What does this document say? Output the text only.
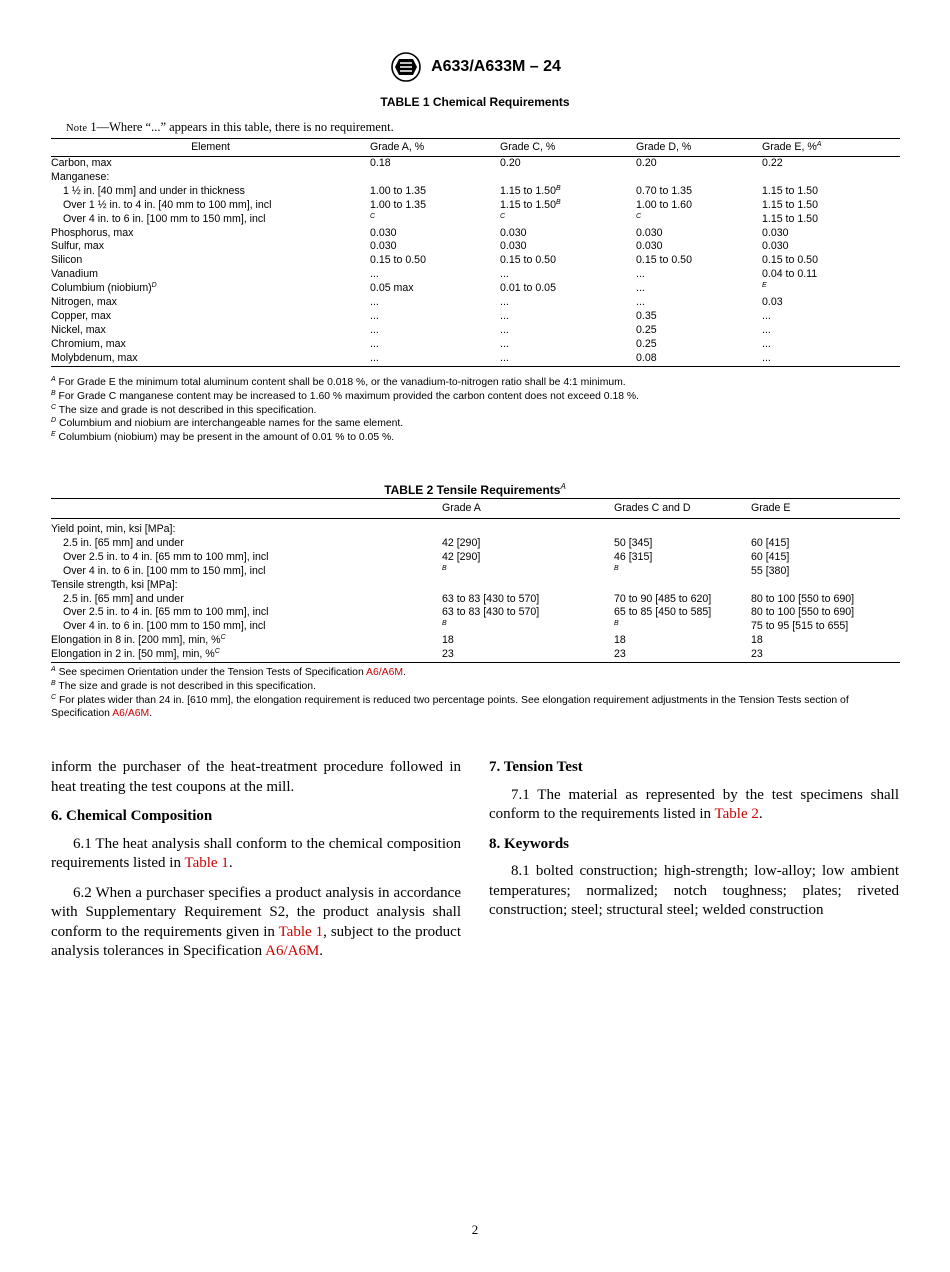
A633/A633M – 24
TABLE 1 Chemical Requirements
Note 1—Where “...” appears in this table, there is no requirement.
Element	Grade A, %	Grade C, %	Grade D, %	Grade E, %$^A$
Carbon, max	0.18	0.20	0.20	0.22
Manganese:				
1 ½ in. [40 mm] and under in thickness	1.00 to 1.35	1.15 to $1.50^B$	0.70 to 1.35	1.15 to 1.50
Over 1 ½ in. to 4 in. [40 mm to 100 mm], incl	1.00 to 1.35	1.15 to $1.50^B$	1.00 to 1.60	1.15 to 1.50
Over 4 in. to 6 in. [100 mm to 150 mm], incl	$^C$	$^C$	$^C$	1.15 to 1.50
Phosphorus, max	0.030	0.030	0.030	0.030
Sulfur, max	0.030	0.030	0.030	0.030
Silicon	0.15 to 0.50	0.15 to 0.50	0.15 to 0.50	0.15 to 0.50
Vanadium	...	...	...	0.04 to 0.11
Columbium (niobium)$^D$	0.05 max	0.01 to 0.05	...	$^E$
Nitrogen, max	...	...	...	0.03
Copper, max	...	...	0.35	...
Nickel, max	...	...	0.25	...
Chromium, max	...	...	0.25	...
Molybdenum, max	...	...	0.08	...

$^A$ For Grade E the minimum total aluminum content shall be 0.018 %, or the vanadium-to-nitrogen ratio shall be 4:1 minimum.

$^B$ For Grade C manganese content may be increased to 1.60 % maximum provided the carbon content does not exceed 0.18 %.

$^C$ The size and grade is not described in this specification.

$^D$ Columbium and niobium are interchangeable names for the same element.

$^E$ Columbium (niobium) may be present in the amount of 0.01 % to 0.05 %.

TABLE 2 Tensile Requirements$^A$
	Grade A	Grades C and D	Grade E
Yield point, min, ksi [MPa]:			
2.5 in. [65 mm] and under	42 [290]	50 [345]	60 [415]
Over 2.5 in. to 4 in. [65 mm to 100 mm], incl	42 [290]	46 [315]	60 [415]
Over 4 in. to 6 in. [100 mm to 150 mm], incl	$^B$	$^B$	55 [380]
Tensile strength, ksi [MPa]:			
2.5 in. [65 mm] and under	63 to 83 [430 to 570]	70 to 90 [485 to 620]	80 to 100 [550 to 690]
Over 2.5 in. to 4 in. [65 mm to 100 mm], incl	63 to 83 [430 to 570]	65 to 85 [450 to 585]	80 to 100 [550 to 690]
Over 4 in. to 6 in. [100 mm to 150 mm], incl	$^B$	$^B$	75 to 95 [515 to 655]
Elongation in 8 in. [200 mm], min, %$^C$	18	18	18
Elongation in 2 in. [50 mm], min, %$^C$	23	23	23

$^A$ See specimen Orientation under the Tension Tests of Specification A6/A6M.

$^B$ The size and grade is not described in this specification.

$^C$ For plates wider than 24 in. [610 mm], the elongation requirement is reduced two percentage points. See elongation requirement adjustments in the Tension Tests section of Specification A6/A6M.

inform the purchaser of the heat-treatment procedure followed in heat treating the test coupons at the mill.

6. Chemical Composition

6.1 The heat analysis shall conform to the chemical composition requirements listed in Table 1.

6.2 When a purchaser specifies a product analysis in accordance with Supplementary Requirement S2, the product analysis shall conform to the requirements given in Table 1, subject to the product analysis tolerances in Specification A6/A6M.

7. Tension Test

7.1 The material as represented by the test specimens shall conform to the requirements listed in Table 2.

8. Keywords

8.1 bolted construction; high-strength; low-alloy; low ambient temperatures; normalized; notch toughness; plates; riveted construction; steel; structural steel; welded construction

2
